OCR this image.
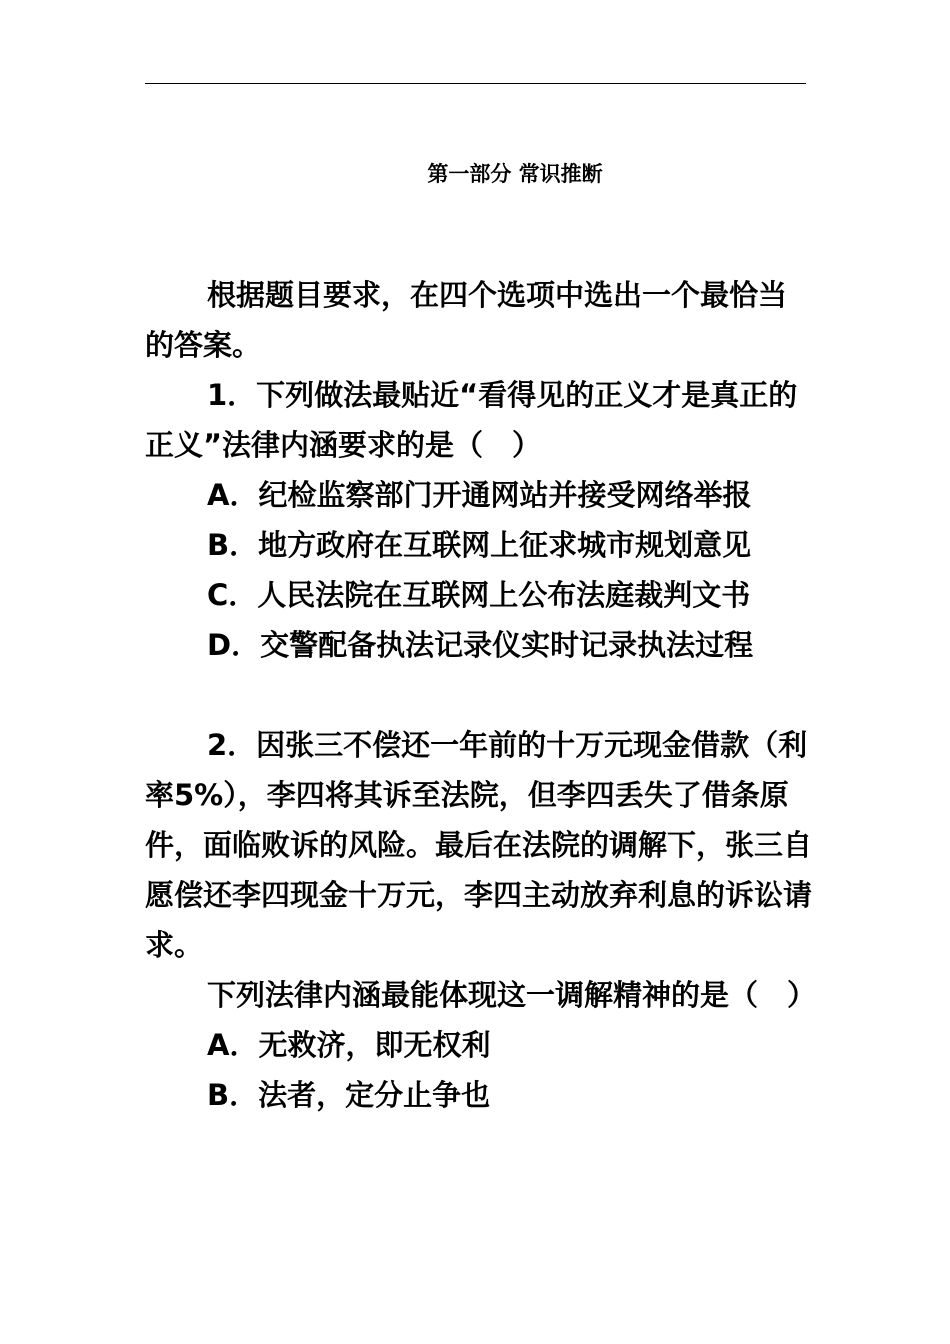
第一部分 常识推断

根据题目要求，在四个选项中选出一个最恰当的答案。

1．下列做法最贴近“看得见的正义才是真正的正义”法律内涵要求的是（　）

A．纪检监察部门开通网站并接受网络举报

B．地方政府在互联网上征求城市规划意见

C．人民法院在互联网上公布法庭裁判文书

D．交警配备执法记录仪实时记录执法过程

2．因张三不偿还一年前的十万元现金借款（利率5%），李四将其诉至法院，但李四丢失了借条原件，面临败诉的风险。最后在法院的调解下，张三自愿偿还李四现金十万元，李四主动放弃利息的诉讼请求。

下列法律内涵最能体现这一调解精神的是（　）

A．无救济，即无权利

B．法者，定分止争也
